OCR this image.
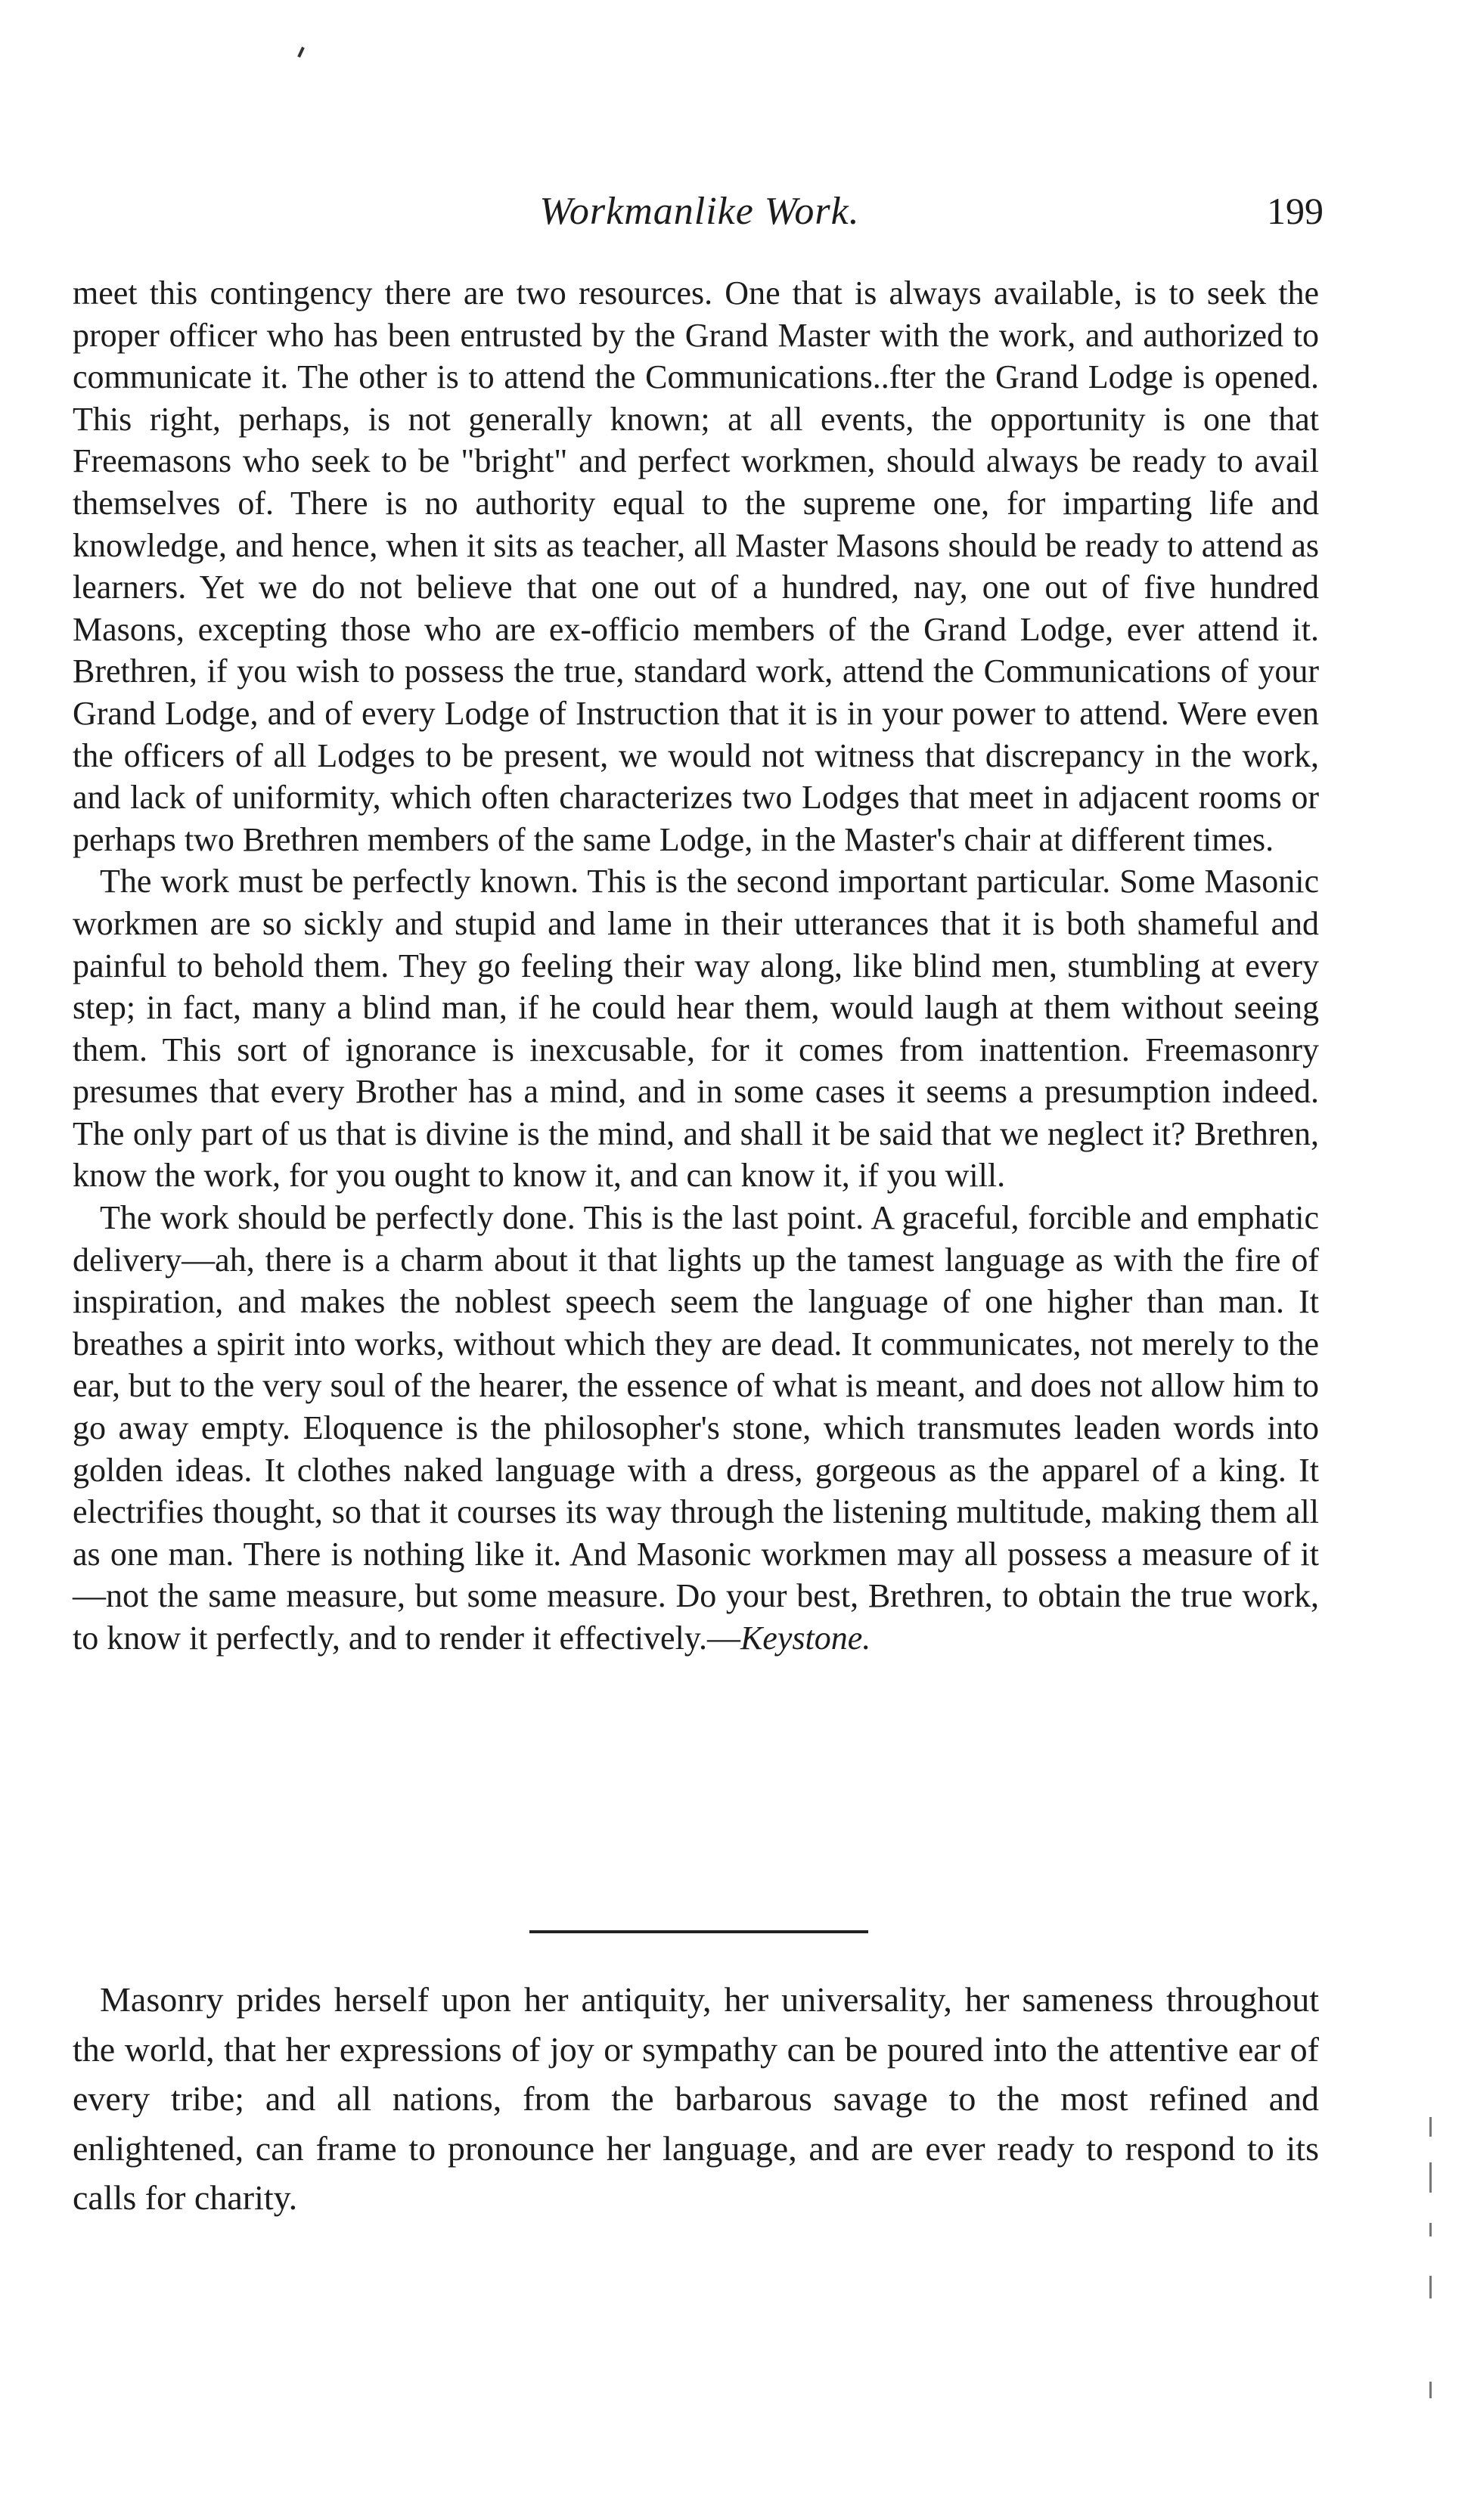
Workmanlike Work.	199

meet this contingency there are two resources. One that is always available, is to seek the proper officer who has been entrusted by the Grand Master with the work, and authorized to communicate it. The other is to attend the Communications..fter the Grand Lodge is opened. This right, perhaps, is not generally known; at all events, the opportunity is one that Freemasons who seek to be "bright" and perfect workmen, should always be ready to avail themselves of. There is no authority equal to the supreme one, for imparting life and knowledge, and hence, when it sits as teacher, all Master Masons should be ready to attend as learners. Yet we do not believe that one out of a hundred, nay, one out of five hundred Masons, excepting those who are ex-officio members of the Grand Lodge, ever attend it. Brethren, if you wish to possess the true, standard work, attend the Communications of your Grand Lodge, and of every Lodge of Instruction that it is in your power to attend. Were even the officers of all Lodges to be present, we would not witness that discrepancy in the work, and lack of uniformity, which often characterizes two Lodges that meet in adjacent rooms or perhaps two Brethren members of the same Lodge, in the Master's chair at different times.

The work must be perfectly known. This is the second important particular. Some Masonic workmen are so sickly and stupid and lame in their utterances that it is both shameful and painful to behold them. They go feeling their way along, like blind men, stumbling at every step; in fact, many a blind man, if he could hear them, would laugh at them without seeing them. This sort of ignorance is inexcusable, for it comes from inattention. Freemasonry presumes that every Brother has a mind, and in some cases it seems a presumption indeed. The only part of us that is divine is the mind, and shall it be said that we neglect it? Brethren, know the work, for you ought to know it, and can know it, if you will.

The work should be perfectly done. This is the last point. A graceful, forcible and emphatic delivery—ah, there is a charm about it that lights up the tamest language as with the fire of inspiration, and makes the noblest speech seem the language of one higher than man. It breathes a spirit into works, without which they are dead. It communicates, not merely to the ear, but to the very soul of the hearer, the essence of what is meant, and does not allow him to go away empty. Eloquence is the philosopher's stone, which transmutes leaden words into golden ideas. It clothes naked language with a dress, gorgeous as the apparel of a king. It electrifies thought, so that it courses its way through the listening multitude, making them all as one man. There is nothing like it. And Masonic workmen may all possess a measure of it—not the same measure, but some measure. Do your best, Brethren, to obtain the true work, to know it perfectly, and to render it effectively.—Keystone.

Masonry prides herself upon her antiquity, her universality, her sameness throughout the world, that her expressions of joy or sympathy can be poured into the attentive ear of every tribe; and all nations, from the barbarous savage to the most refined and enlightened, can frame to pronounce her language, and are ever ready to respond to its calls for charity.
